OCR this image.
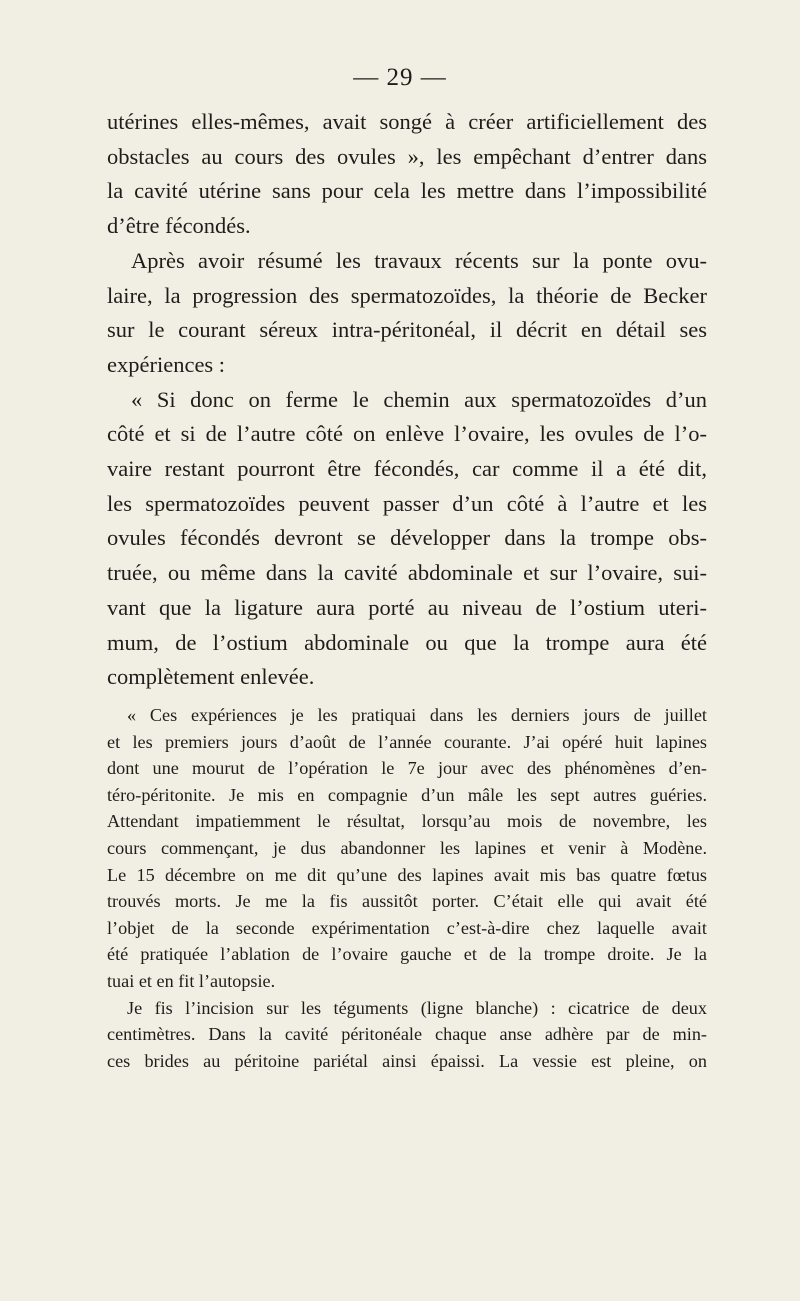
— 29 —
utérines elles-mêmes, avait songé à créer artificiellement des
obstacles au cours des ovules », les empêchant d’entrer dans
la cavité utérine sans pour cela les mettre dans l’impossibilité
d’être fécondés.
Après avoir résumé les travaux récents sur la ponte ovu-
laire, la progression des spermatozoïdes, la théorie de Becker
sur le courant séreux intra-péritonéal, il décrit en détail ses
expériences :
« Si donc on ferme le chemin aux spermatozoïdes d’un
côté et si de l’autre côté on enlève l’ovaire, les ovules de l’o-
vaire restant pourront être fécondés, car comme il a été dit,
les spermatozoïdes peuvent passer d’un côté à l’autre et les
ovules fécondés devront se développer dans la trompe obs-
truée, ou même dans la cavité abdominale et sur l’ovaire, sui-
vant que la ligature aura porté au niveau de l’ostium uteri-
mum, de l’ostium abdominale ou que la trompe aura été
complètement enlevée.
« Ces expériences je les pratiquai dans les derniers jours de juillet
et les premiers jours d’août de l’année courante. J’ai opéré huit lapines
dont une mourut de l’opération le 7e jour avec des phénomènes d’en-
téro-péritonite. Je mis en compagnie d’un mâle les sept autres guéries.
Attendant impatiemment le résultat, lorsqu’au mois de novembre, les
cours commençant, je dus abandonner les lapines et venir à Modène.
Le 15 décembre on me dit qu’une des lapines avait mis bas quatre fœtus
trouvés morts. Je me la fis aussitôt porter. C’était elle qui avait été
l’objet de la seconde expérimentation c’est-à-dire chez laquelle avait
été pratiquée l’ablation de l’ovaire gauche et de la trompe droite. Je la
tuai et en fit l’autopsie.
Je fis l’incision sur les téguments (ligne blanche) : cicatrice de deux
centimètres. Dans la cavité péritonéale chaque anse adhère par de min-
ces brides au péritoine pariétal ainsi épaissi. La vessie est pleine, on
